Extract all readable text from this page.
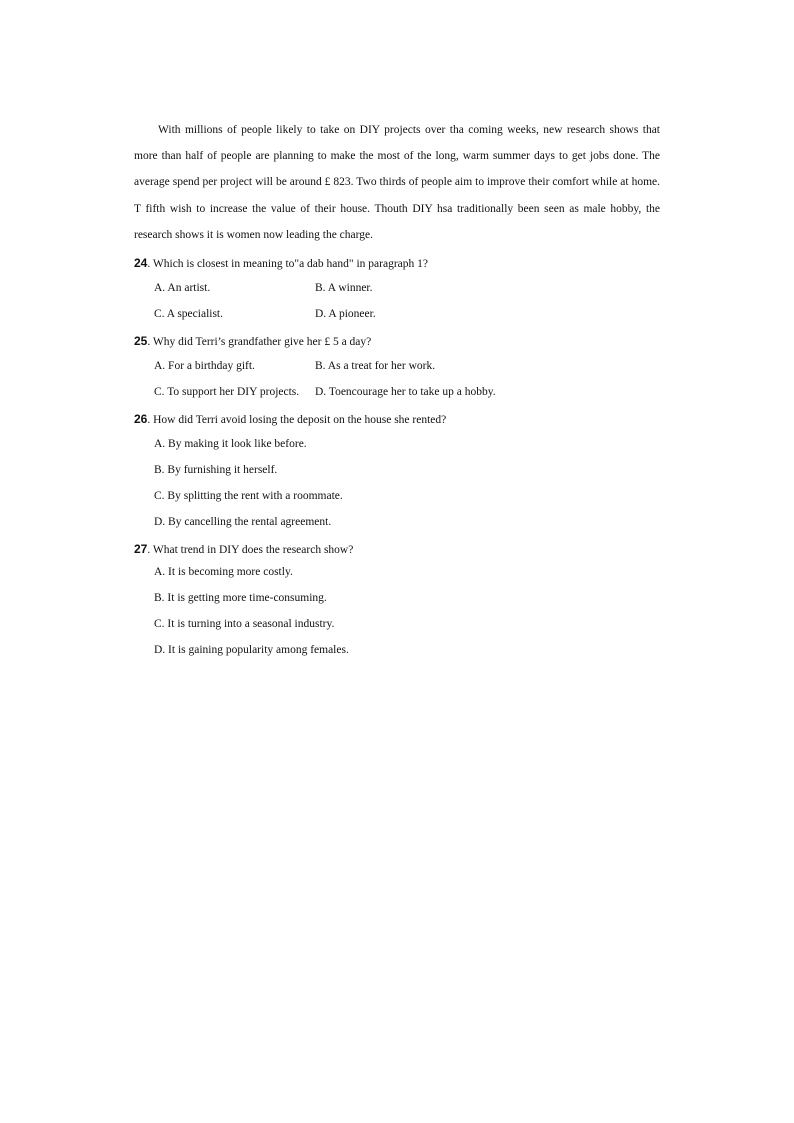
With millions of people likely to take on DIY projects over tha coming weeks, new research shows that more than half of people are planning to make the most of the long, warm summer days to get jobs done. The average spend per project will be around £ 823. Two thirds of people aim to improve their comfort while at home. T fifth wish to increase the value of their house. Thouth DIY hsa traditionally been seen as male hobby, the research shows it is women now leading the charge.

24. Which is closest in meaning to"a dab hand" in paragraph 1?
A. An artist.	B. A winner.
C. A specialist.	D. A pioneer.
25. Why did Terri’s grandfather give her £ 5 a day?
A. For a birthday gift.	B. As a treat for her work.
C. To support her DIY projects. D. Toencourage her to take up a hobby.
26. How did Terri avoid losing the deposit on the house she rented?
A. By making it look like before.
B. By furnishing it herself.
C. By splitting the rent with a roommate.
D. By cancelling the rental agreement.
27. What trend in DIY does the research show?
A. It is becoming more costly.
B. It is getting more time-consuming.
C. It is turning into a seasonal industry.
D. It is gaining popularity among females.
